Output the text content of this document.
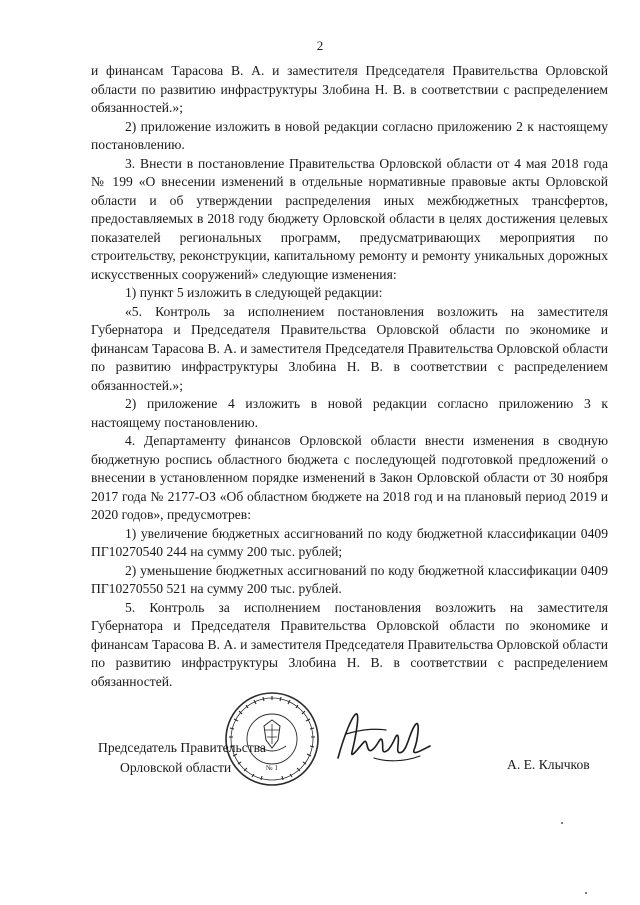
2

и финансам Тарасова В. А. и заместителя Председателя Правительства Орловской области по развитию инфраструктуры Злобина Н. В. в соответствии с распределением обязанностей.»;

2) приложение изложить в новой редакции согласно приложению 2 к настоящему постановлению.

3. Внести в постановление Правительства Орловской области от 4 мая 2018 года № 199 «О внесении изменений в отдельные нормативные правовые акты Орловской области и об утверждении распределения иных межбюджетных трансфертов, предоставляемых в 2018 году бюджету Орловской области в целях достижения целевых показателей региональных программ, предусматривающих мероприятия по строительству, реконструкции, капитальному ремонту и ремонту уникальных дорожных искусственных сооружений» следующие изменения:

1) пункт 5 изложить в следующей редакции:

«5. Контроль за исполнением постановления возложить на заместителя Губернатора и Председателя Правительства Орловской области по экономике и финансам Тарасова В. А. и заместителя Председателя Правительства Орловской области по развитию инфраструктуры Злобина Н. В. в соответствии с распределением обязанностей.»;

2) приложение 4 изложить в новой редакции согласно приложению 3 к настоящему постановлению.

4. Департаменту финансов Орловской области внести изменения в сводную бюджетную роспись областного бюджета с последующей подготовкой предложений о внесении в установленном порядке изменений в Закон Орловской области от 30 ноября 2017 года № 2177-ОЗ «Об областном бюджете на 2018 год и на плановый период 2019 и 2020 годов», предусмотрев:

1) увеличение бюджетных ассигнований по коду бюджетной классификации 0409 ПГ10270540 244 на сумму 200 тыс. рублей;

2) уменьшение бюджетных ассигнований по коду бюджетной классификации 0409 ПГ10270550 521 на сумму 200 тыс. рублей.

5. Контроль за исполнением постановления возложить на заместителя Губернатора и Председателя Правительства Орловской области по экономике и финансам Тарасова В. А. и заместителя Председателя Правительства Орловской области по развитию инфраструктуры Злобина Н. В. в соответствии с распределением обязанностей.

№ 1
Председатель Правительства
Орловской области	А. Е. Клычков
